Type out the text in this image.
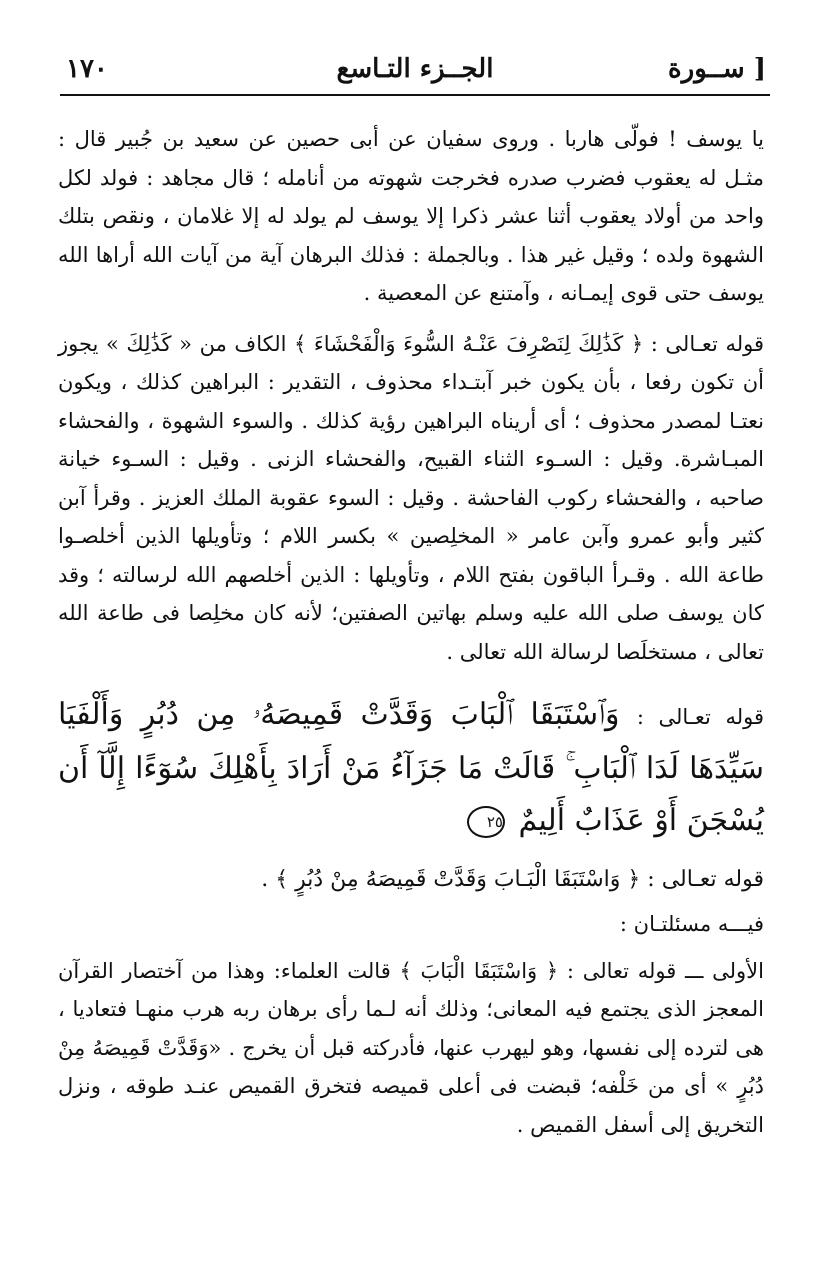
١٧٠	الجــزء التـاسع	[ ســورة

يا يوسف ! فولّى هاربا . وروى سفيان عن أبى حصين عن سعيد بن جُبير قال : مثـل له يعقوب فضرب صدره فخرجت شهوته من أنامله ؛ قال مجاهد : فولد لكل واحد من أولاد يعقوب أثنا عشر ذكرا إلا يوسف لم يولد له إلا غلامان ، ونقص بتلك الشهوة ولده ؛ وقيل غير هذا . وبالجملة : فذلك البرهان آية من آيات الله أراها الله يوسف حتى قوى إيمـانه ، وآمتنع عن المعصية .

قوله تعـالى : ﴿ كَذَٰلِكَ لِنَصْرِفَ عَنْـهُ السُّوءَ وَالْفَحْشَاءَ ﴾ الكاف من « كَذَٰلِكَ » يجوز أن تكون رفعا ، بأن يكون خبر آبتـداء محذوف ، التقدير : البراهين كذلك ، ويكون نعتـا لمصدر محذوف ؛ أى أريناه البراهين رؤية كذلك . والسوء الشهوة ، والفحشاء المبـاشرة. وقيل : السـوء الثناء القبيح، والفحشاء الزنى . وقيل : السـوء خيانة صاحبه ، والفحشاء ركوب الفاحشة . وقيل : السوء عقوبة الملك العزيز . وقرأ آبن كثير وأبو عمرو وآبن عامر « المخلِصين » بكسر اللام ؛ وتأويلها الذين أخلصـوا طاعة الله . وقـرأ الباقون بفتح اللام ، وتأويلها : الذين أخلصهم الله لرسالته ؛ وقد كان يوسف صلى الله عليه وسلم بهاتين الصفتين؛ لأنه كان مخلِصا فى طاعة الله تعالى ، مستخلَصا لرسالة الله تعالى .

قوله تعـالى : وَٱسْتَبَقَا ٱلْبَابَ وَقَدَّتْ قَمِيصَهُۥ مِن دُبُرٍ وَأَلْفَيَا سَيِّدَهَا لَدَا ٱلْبَابِ ۚ قَالَتْ مَا جَزَآءُ مَنْ أَرَادَ بِأَهْلِكَ سُوٓءًا إِلَّآ أَن يُسْجَنَ أَوْ عَذَابٌ أَلِيمٌ ٢٥

قوله تعـالى : ﴿ وَاسْتَبَقَا الْبَـابَ وَقَدَّتْ قَمِيصَهُ مِنْ دُبُرٍ ﴾ .

فيـــه مسئلتـان :

الأولى ـــ قوله تعالى : ﴿ وَاسْتَبَقَا الْبَابَ ﴾ قالت العلماء: وهذا من آختصار القرآن المعجز الذى يجتمع فيه المعانى؛ وذلك أنه لـما رأى برهان ربه هرب منهـا فتعاديا ، هى لترده إلى نفسها، وهو ليهرب عنها، فأدركته قبل أن يخرج . «وَقَدَّتْ قَمِيصَهُ مِنْ دُبُرٍ » أى من خَلْفه؛ قبضت فى أعلى قميصه فتخرق القميص عنـد طوقه ، ونزل التخريق إلى أسفل القميص .
